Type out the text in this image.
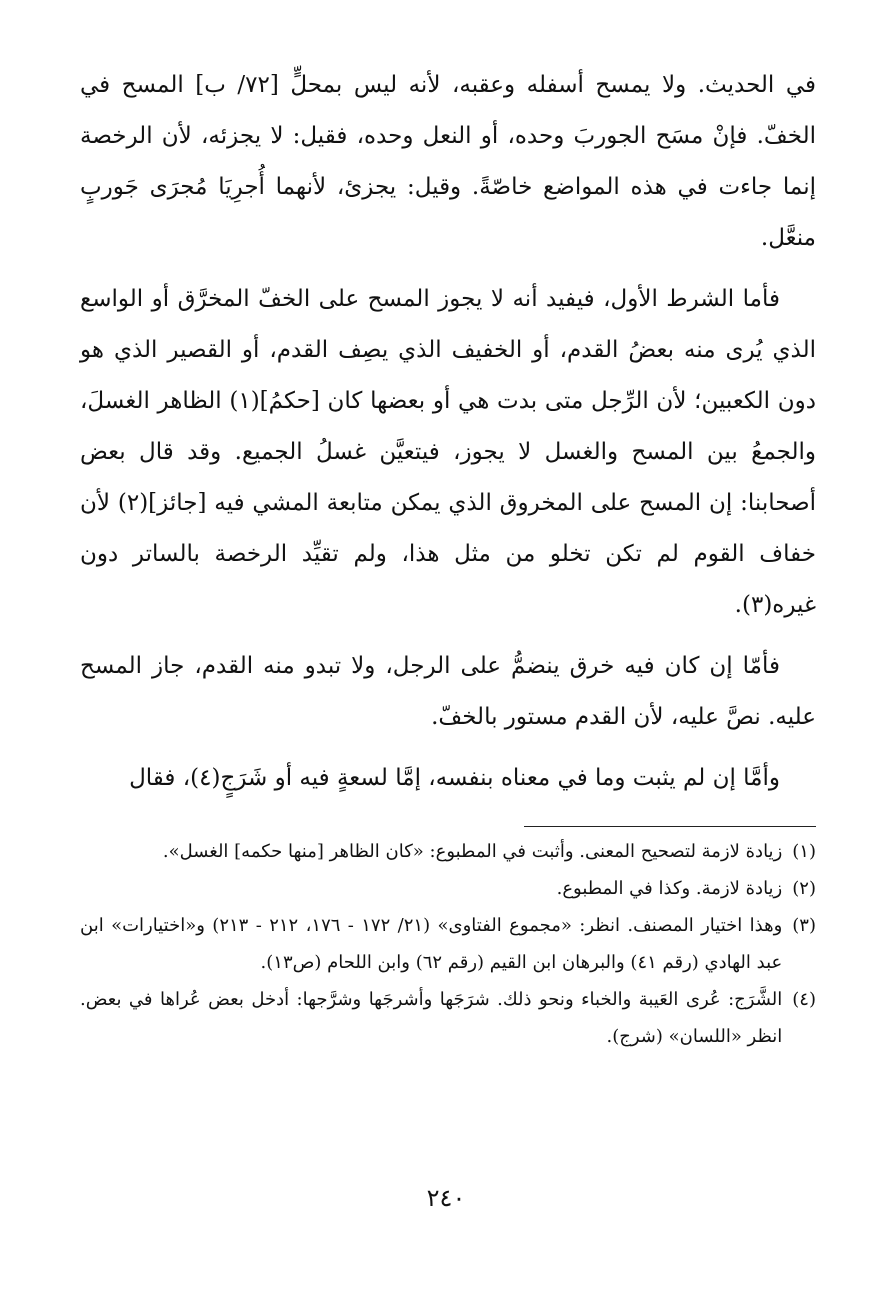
في الحديث. ولا يمسح أسفله وعقبه، لأنه ليس بمحلٍّ [٧٢/ ب] المسح في الخفّ. فإنْ مسَح الجوربَ وحده، أو النعل وحده، فقيل: لا يجزئه، لأن الرخصة إنما جاءت في هذه المواضع خاصّةً. وقيل: يجزئ، لأنهما أُجرِيَا مُجرَى جَوربٍ منعَّل.

فأما الشرط الأول، فيفيد أنه لا يجوز المسح على الخفّ المخرَّق أو الواسع الذي يُرى منه بعضُ القدم، أو الخفيف الذي يصِف القدم، أو القصير الذي هو دون الكعبين؛ لأن الرِّجل متى بدت هي أو بعضها كان [حكمُ](١) الظاهر الغسلَ، والجمعُ بين المسح والغسل لا يجوز، فيتعيَّن غسلُ الجميع. وقد قال بعض أصحابنا: إن المسح على المخروق الذي يمكن متابعة المشي فيه [جائز](٢) لأن خفاف القوم لم تكن تخلو من مثل هذا، ولم تقيِّد الرخصة بالساتر دون غيره(٣).

فأمّا إن كان فيه خرق ينضمُّ على الرجل، ولا تبدو منه القدم، جاز المسح عليه. نصَّ عليه، لأن القدم مستور بالخفّ.

وأمَّا إن لم يثبت وما في معناه بنفسه، إمَّا لسعةٍ فيه أو شَرَجٍ(٤)، فقال

(١)
زيادة لازمة لتصحيح المعنى. وأثبت في المطبوع: «كان الظاهر [منها حكمه] الغسل».
(٢)
زيادة لازمة. وكذا في المطبوع.
(٣)
وهذا اختيار المصنف. انظر: «مجموع الفتاوى» (٢١/ ١٧٢ - ١٧٦، ٢١٢ - ٢١٣) و«اختيارات» ابن عبد الهادي (رقم ٤١) والبرهان ابن القيم (رقم ٦٢) وابن اللحام (ص١٣).
(٤)
الشَّرَج: عُرى العَيبة والخباء ونحو ذلك. شرَجَها وأشرجَها وشرَّجها: أدخل بعض عُراها في بعض. انظر «اللسان» (شرج).
٢٤٠
